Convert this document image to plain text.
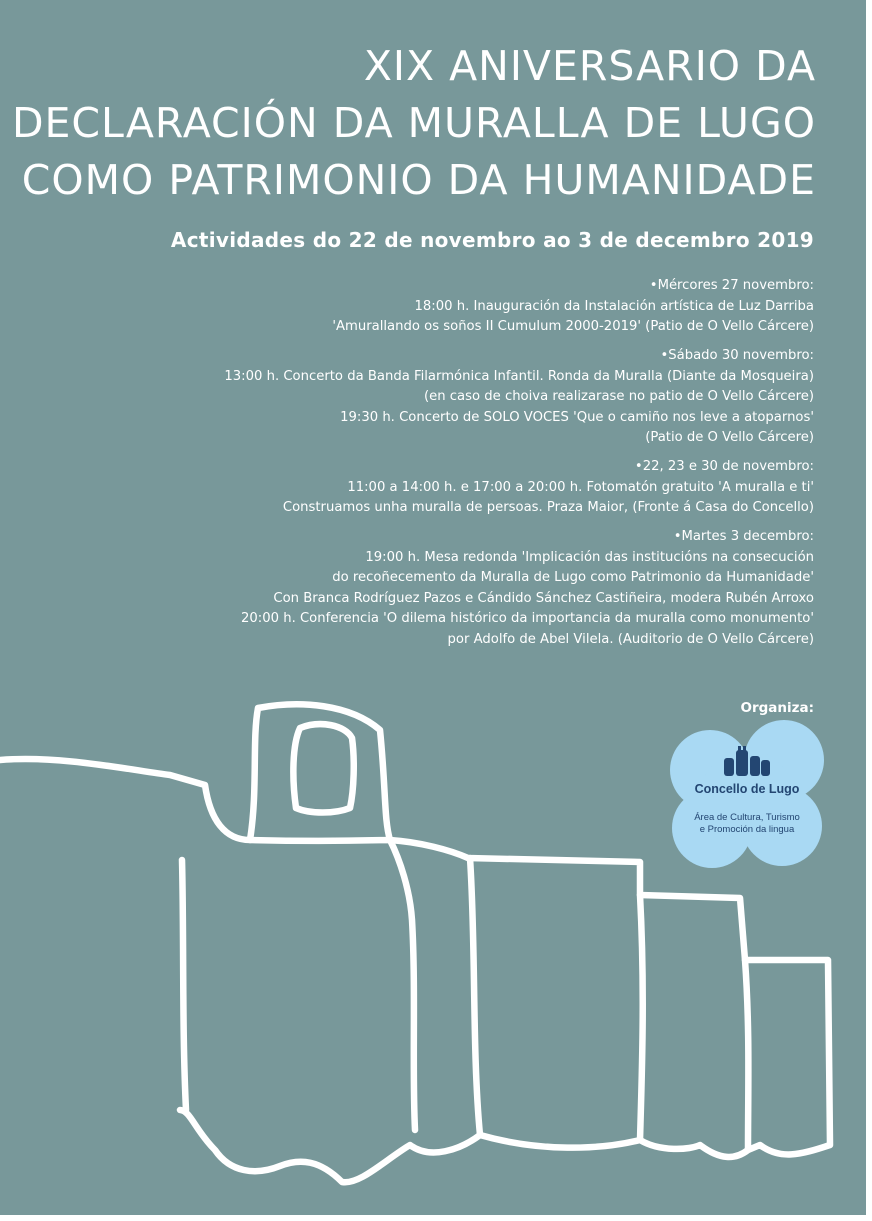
XIX ANIVERSARIO DA
DECLARACIÓN DA MURALLA DE LUGO
COMO PATRIMONIO DA HUMANIDADE

Actividades do 22 de novembro ao 3 de decembro 2019

• Mércores 27 novembro:
18:00 h. Inauguración da Instalación artística de Luz Darriba
'Amurallando os soños II Cumulum 2000-2019' (Patio de O Vello Cárcere)
• Sábado 30 novembro:
13:00 h. Concerto da Banda Filarmónica Infantil. Ronda da Muralla (Diante da Mosqueira)
(en caso de choiva realizarase no patio de O Vello Cárcere)
19:30 h. Concerto de SOLO VOCES 'Que o camiño nos leve a atoparnos'
(Patio de O Vello Cárcere)
• 22, 23 e 30 de novembro:
11:00 a 14:00 h. e 17:00 a 20:00 h. Fotomatón gratuito 'A muralla e ti'
Construamos unha muralla de persoas. Praza Maior, (Fronte á Casa do Concello)
• Martes 3 decembro:
19:00 h. Mesa redonda 'Implicación das institucións na consecución
do recoñecemento da Muralla de Lugo como Patrimonio da Humanidade'
Con Branca Rodríguez Pazos e Cándido Sánchez Castiñeira, modera Rubén Arroxo
20:00 h. Conferencia 'O dilema histórico da importancia da muralla como monumento'
por Adolfo de Abel Vilela. (Auditorio de O Vello Cárcere)
Organiza:
Concello de Lugo
Área de Cultura, Turismo
e Promoción da lingua
